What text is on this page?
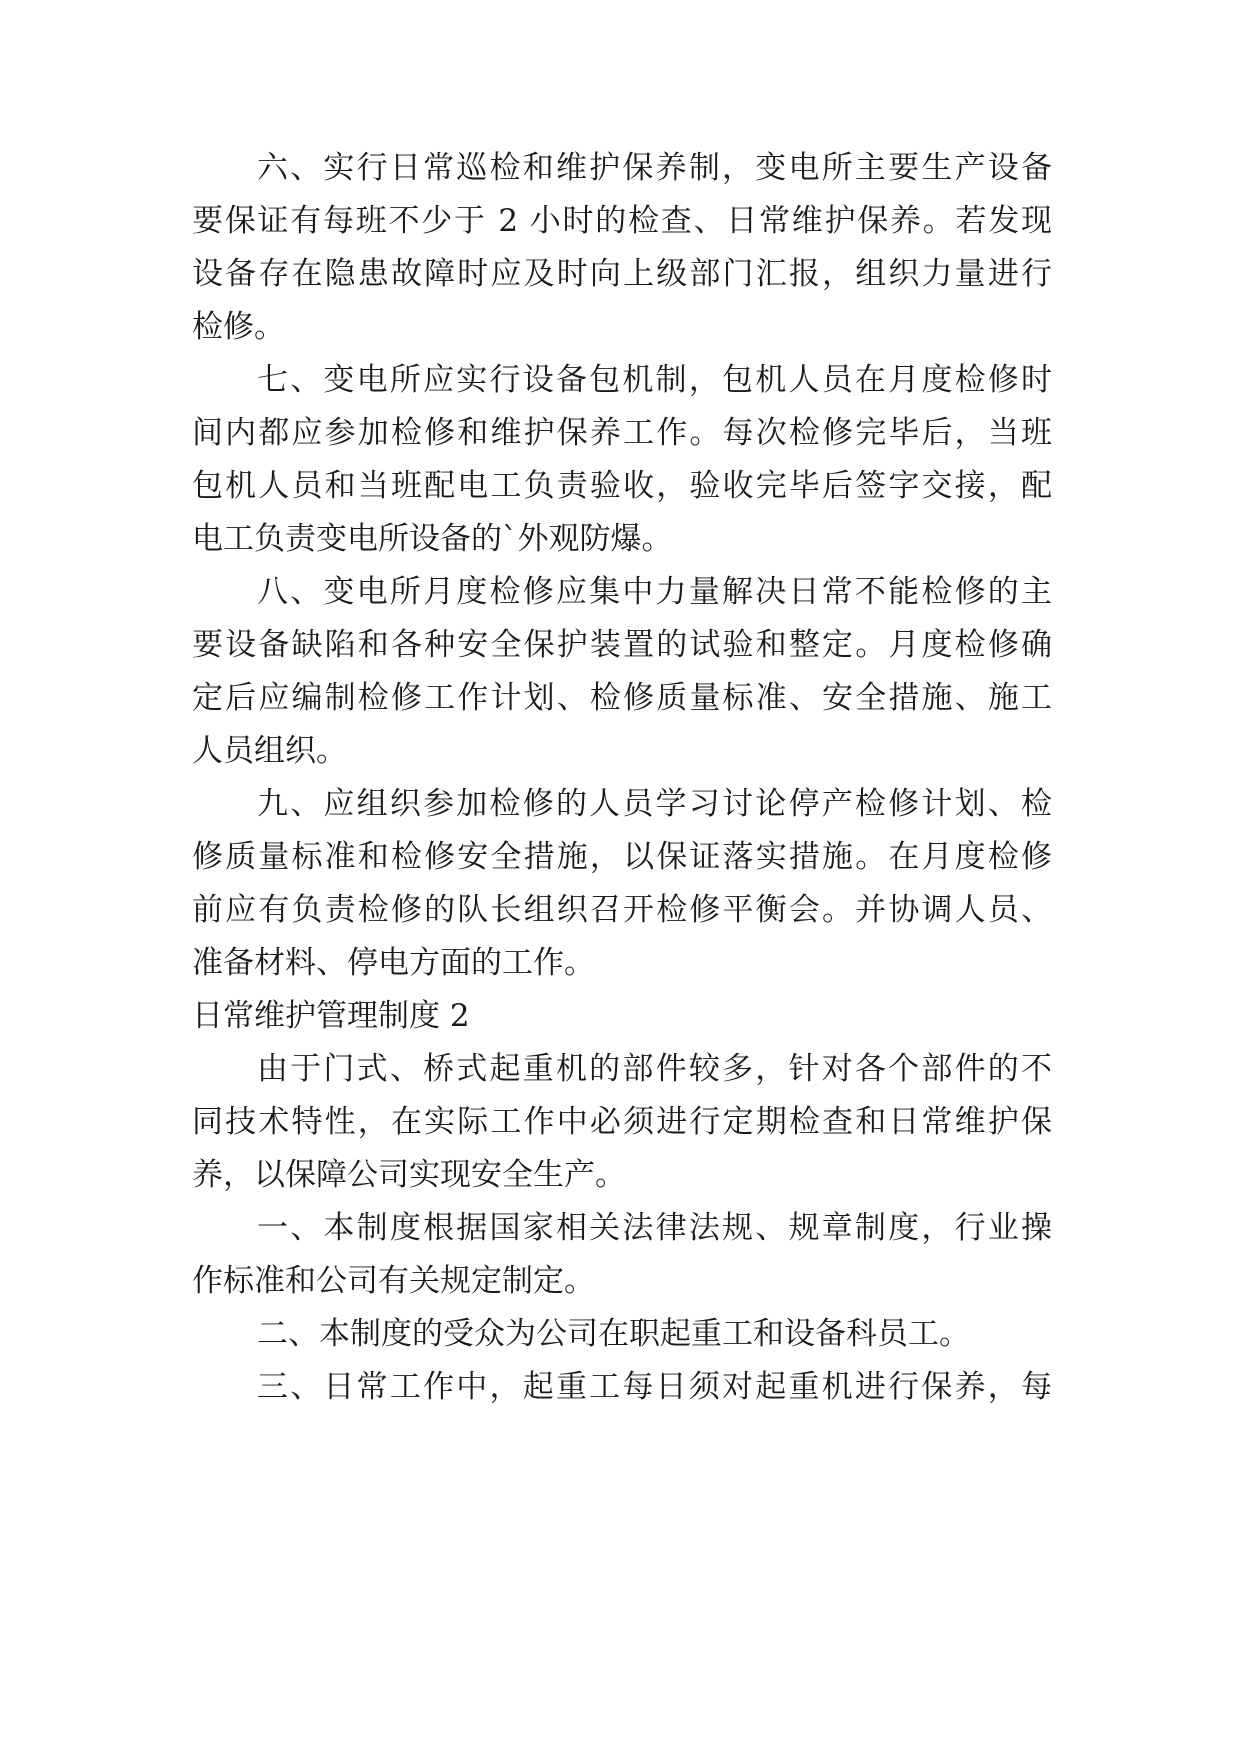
六、实行日常巡检和维护保养制，变电所主要生产设备
要保证有每班不少于 2 小时的检查、日常维护保养。若发现
设备存在隐患故障时应及时向上级部门汇报，组织力量进行
检修。
七、变电所应实行设备包机制，包机人员在月度检修时
间内都应参加检修和维护保养工作。每次检修完毕后，当班
包机人员和当班配电工负责验收，验收完毕后签字交接，配
电工负责变电所设备的`外观防爆。
八、变电所月度检修应集中力量解决日常不能检修的主
要设备缺陷和各种安全保护装置的试验和整定。月度检修确
定后应编制检修工作计划、检修质量标准、安全措施、施工
人员组织。
九、应组织参加检修的人员学习讨论停产检修计划、检
修质量标准和检修安全措施，以保证落实措施。在月度检修
前应有负责检修的队长组织召开检修平衡会。并协调人员、
准备材料、停电方面的工作。
日常维护管理制度 2
由于门式、桥式起重机的部件较多，针对各个部件的不
同技术特性，在实际工作中必须进行定期检查和日常维护保
养，以保障公司实现安全生产。
一、本制度根据国家相关法律法规、规章制度，行业操
作标准和公司有关规定制定。
二、本制度的受众为公司在职起重工和设备科员工。
三、日常工作中，起重工每日须对起重机进行保养，每
